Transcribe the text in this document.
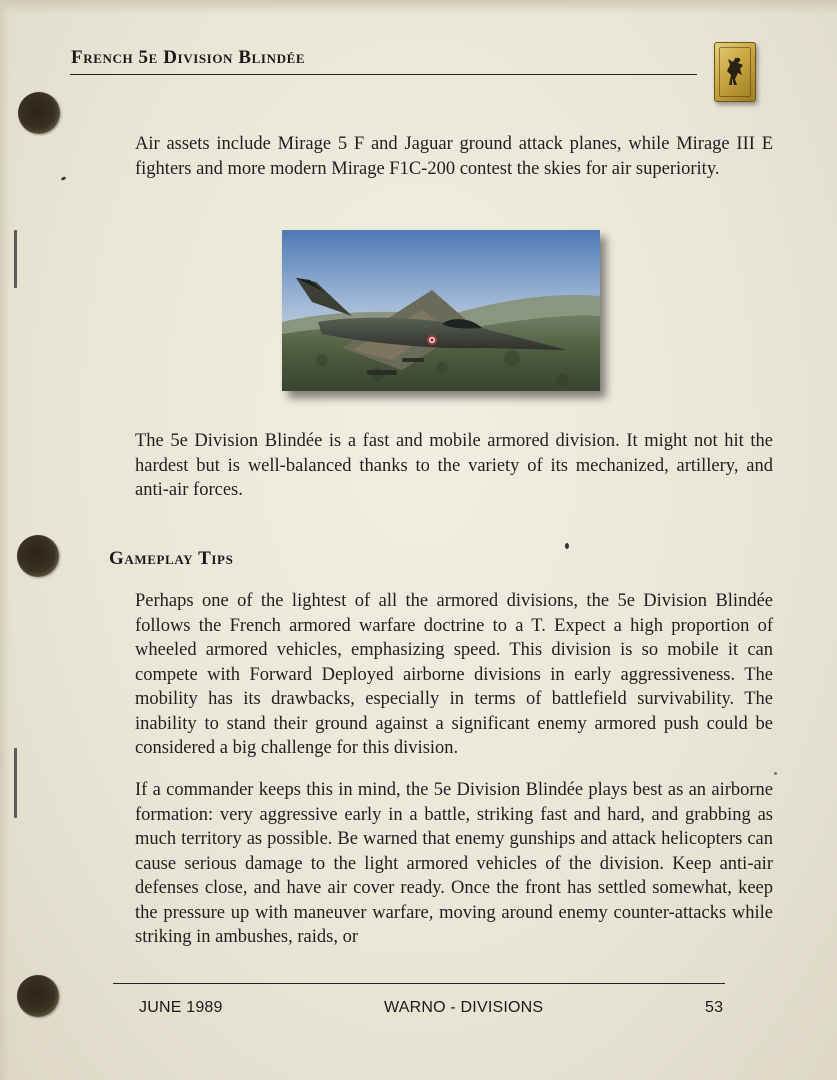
French 5e Division Blindée

Air assets include Mirage 5 F and Jaguar ground attack planes, while Mirage III E fighters and more modern Mirage F1C-200 contest the skies for air superiority.

The 5e Division Blindée is a fast and mobile armored division. It might not hit the hardest but is well-balanced thanks to the variety of its mechanized, artillery, and anti-air forces.

Gameplay Tips

Perhaps one of the lightest of all the armored divisions, the 5e Division Blindée follows the French armored warfare doctrine to a T. Expect a high proportion of wheeled armored vehicles, emphasizing speed. This division is so mobile it can compete with Forward Deployed airborne divisions in early aggressiveness. The mobility has its drawbacks, especially in terms of battlefield survivability. The inability to stand their ground against a significant enemy armored push could be considered a big challenge for this division.

If a commander keeps this in mind, the 5e Division Blindée plays best as an airborne formation: very aggressive early in a battle, striking fast and hard, and grabbing as much territory as possible. Be warned that enemy gunships and attack helicopters can cause serious damage to the light armored vehicles of the division. Keep anti-air defenses close, and have air cover ready. Once the front has settled somewhat, keep the pressure up with maneuver warfare, moving around enemy counter-attacks while striking in ambushes, raids, or

JUNE 1989	WARNO - DIVISIONS	53
